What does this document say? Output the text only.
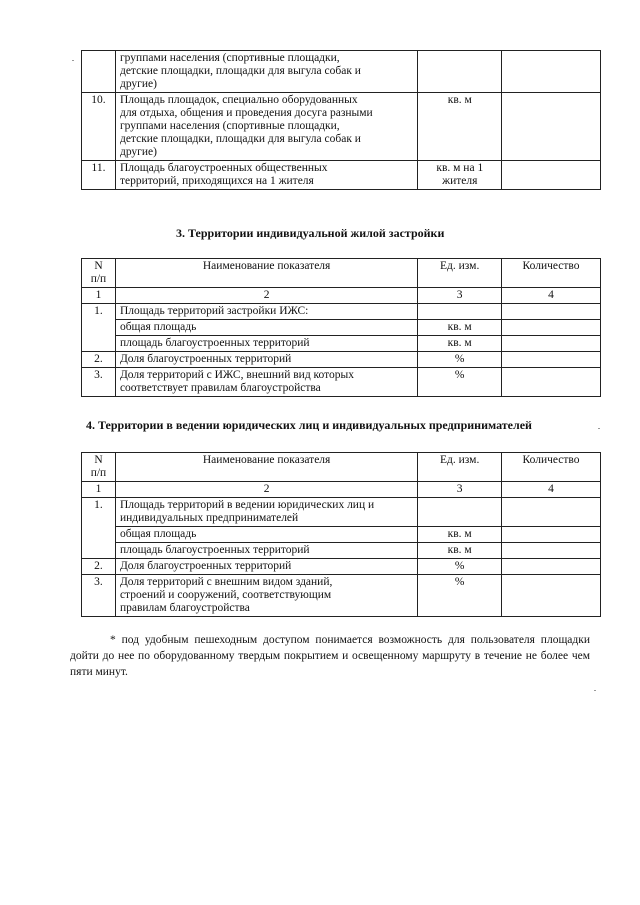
	группами населения (спортивные площадки,
детские площадки, площадки для выгула собак и
другие)		
10.	Площадь площадок, специально оборудованных
для отдыха, общения и проведения досуга разными
группами населения (спортивные площадки,
детские площадки, площадки для выгула собак и
другие)	кв. м	
11.	Площадь благоустроенных общественных
территорий, приходящихся на 1 жителя	кв. м на 1
жителя	
3. Территории индивидуальной жилой застройки
N
п/п	Наименование показателя	Ед. изм.	Количество
1	2	3	4
1.	Площадь территорий застройки ИЖС:		
	общая площадь	кв. м	
	площадь благоустроенных территорий	кв. м	
2.	Доля благоустроенных территорий	%	
3.	Доля территорий с ИЖС, внешний вид которых
соответствует правилам благоустройства	%	
4. Территории в ведении юридических лиц и индивидуальных предпринимателей
N
п/п	Наименование показателя	Ед. изм.	Количество
1	2	3	4
1.	Площадь территорий в ведении юридических лиц и
индивидуальных предпринимателей		
	общая площадь	кв. м	
	площадь благоустроенных территорий	кв. м	
2.	Доля благоустроенных территорий	%	
3.	Доля территорий с внешним видом зданий,
строений и сооружений, соответствующим
правилам благоустройства	%	
* под удобным пешеходным доступом понимается возможность для пользователя площадки дойти до нее по оборудованному твердым покрытием и освещенному маршруту в течение не более чем пяти минут.
